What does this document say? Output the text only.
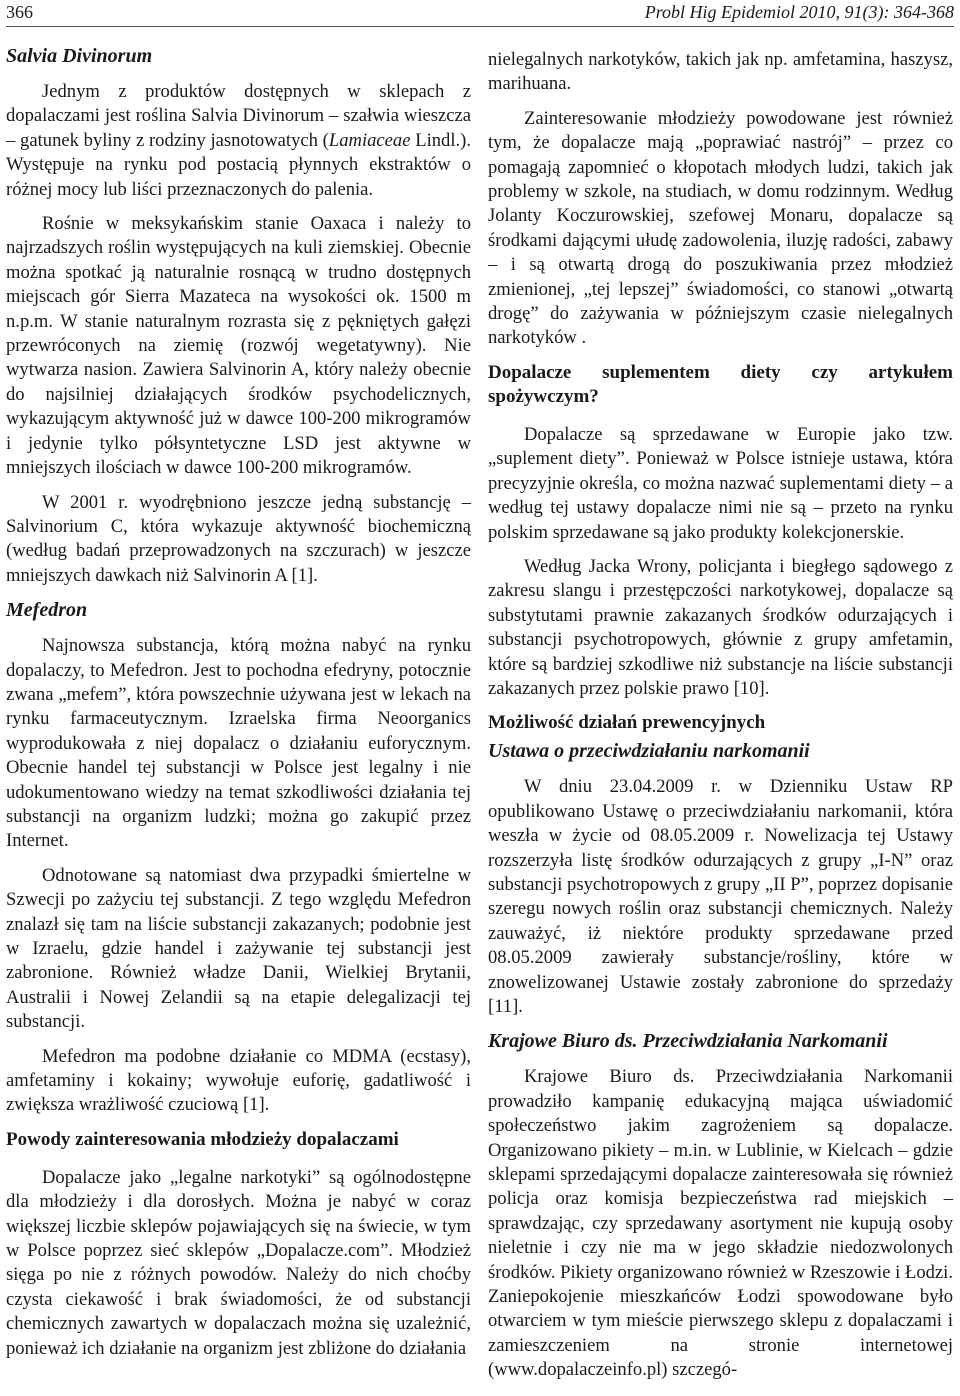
366	Probl Hig Epidemiol 2010, 91(3): 364-368
Salvia Divinorum

Jednym z produktów dostępnych w sklepach z dopalaczami jest roślina Salvia Divinorum – szałwia wieszcza – gatunek byliny z rodziny jasnotowatych (Lamiaceae Lindl.). Występuje na rynku pod postacią płynnych ekstraktów o różnej mocy lub liści przeznaczonych do palenia.

Rośnie w meksykańskim stanie Oaxaca i należy to najrzadszych roślin występujących na kuli ziemskiej. Obecnie można spotkać ją naturalnie rosnącą w trudno dostępnych miejscach gór Sierra Mazateca na wysokości ok. 1500 m n.p.m. W stanie naturalnym rozrasta się z pękniętych gałęzi przewróconych na ziemię (rozwój wegetatywny). Nie wytwarza nasion. Zawiera Salvinorin A, który należy obecnie do najsilniej działających środków psychodelicznych, wykazującym aktywność już w dawce 100-200 mikrogramów i jedynie tylko półsyntetyczne LSD jest aktywne w mniejszych ilościach w dawce 100-200 mikrogramów.

W 2001 r. wyodrębniono jeszcze jedną substancję – Salvinorium C, która wykazuje aktywność biochemiczną (według badań przeprowadzonych na szczurach) w jeszcze mniejszych dawkach niż Salvinorin A [1].

Mefedron

Najnowsza substancja, którą można nabyć na rynku dopalaczy, to Mefedron. Jest to pochodna efedryny, potocznie zwana „mefem”, która powszechnie używana jest w lekach na rynku farmaceutycznym. Izraelska firma Neoorganics wyprodukowała z niej dopalacz o działaniu euforycznym. Obecnie handel tej substancji w Polsce jest legalny i nie udokumentowano wiedzy na temat szkodliwości działania tej substancji na organizm ludzki; można go zakupić przez Internet.

Odnotowane są natomiast dwa przypadki śmiertelne w Szwecji po zażyciu tej substancji. Z tego względu Mefedron znalazł się tam na liście substancji zakazanych; podobnie jest w Izraelu, gdzie handel i zażywanie tej substancji jest zabronione. Również władze Danii, Wielkiej Brytanii, Australii i Nowej Zelandii są na etapie delegalizacji tej substancji.

Mefedron ma podobne działanie co MDMA (ecstasy), amfetaminy i kokainy; wywołuje euforię, gadatliwość i zwiększa wrażliwość czuciową [1].

Powody zainteresowania młodzieży dopalaczami

Dopalacze jako „legalne narkotyki” są ogólnodostępne dla młodzieży i dla dorosłych. Można je nabyć w coraz większej liczbie sklepów pojawiających się na świecie, w tym w Polsce poprzez sieć sklepów „Dopalacze.com”. Młodzież sięga po nie z różnych powodów. Należy do nich choćby czysta ciekawość i brak świadomości, że od substancji chemicznych zawartych w dopalaczach można się uzależnić, ponieważ ich działanie na organizm jest zbliżone do działania

nielegalnych narkotyków, takich jak np. amfetamina, haszysz, marihuana.

Zainteresowanie młodzieży powodowane jest również tym, że dopalacze mają „poprawiać nastrój” – przez co pomagają zapomnieć o kłopotach młodych ludzi, takich jak problemy w szkole, na studiach, w domu rodzinnym. Według Jolanty Koczurowskiej, szefowej Monaru, dopalacze są środkami dającymi ułudę zadowolenia, iluzję radości, zabawy – i są otwartą drogą do poszukiwania przez młodzież zmienionej, „tej lepszej” świadomości, co stanowi „otwartą drogę” do zażywania w późniejszym czasie nielegalnych narkotyków .

Dopalacze suplementem diety czy artykułem spożywczym?

Dopalacze są sprzedawane w Europie jako tzw. „suplement diety”. Ponieważ w Polsce istnieje ustawa, która precyzyjnie określa, co można nazwać suplementami diety – a według tej ustawy dopalacze nimi nie są – przeto na rynku polskim sprzedawane są jako produkty kolekcjonerskie.

Według Jacka Wrony, policjanta i biegłego sądowego z zakresu slangu i przestępczości narkotykowej, dopalacze są substytutami prawnie zakazanych środków odurzających i substancji psychotropowych, głównie z grupy amfetamin, które są bardziej szkodliwe niż substancje na liście substancji zakazanych przez polskie prawo [10].

Możliwość działań prewencyjnych
Ustawa o przeciwdziałaniu narkomanii

W dniu 23.04.2009 r. w Dzienniku Ustaw RP opublikowano Ustawę o przeciwdziałaniu narkomanii, która weszła w życie od 08.05.2009 r. Nowelizacja tej Ustawy rozszerzyła listę środków odurzających z grupy „I-N” oraz substancji psychotropowych z grupy „II P”, poprzez dopisanie szeregu nowych roślin oraz substancji chemicznych. Należy zauważyć, iż niektóre produkty sprzedawane przed 08.05.2009 zawierały substancje/rośliny, które w znowelizowanej Ustawie zostały zabronione do sprzedaży [11].

Krajowe Biuro ds. Przeciwdziałania Narkomanii

Krajowe Biuro ds. Przeciwdziałania Narkomanii prowadziło kampanię edukacyjną mająca uświadomić społeczeństwo jakim zagrożeniem są dopalacze. Organizowano pikiety – m.in. w Lublinie, w Kielcach – gdzie sklepami sprzedającymi dopalacze zainteresowała się również policja oraz komisja bezpieczeństwa rad miejskich – sprawdzając, czy sprzedawany asortyment nie kupują osoby nieletnie i czy nie ma w jego składzie niedozwolonych środków. Pikiety organizowano również w Rzeszowie i Łodzi. Zaniepokojenie mieszkańców Łodzi spowodowane było otwarciem w tym mieście pierwszego sklepu z dopalaczami i zamieszczeniem na stronie internetowej (www.dopalaczeinfo.pl) szczegó-
